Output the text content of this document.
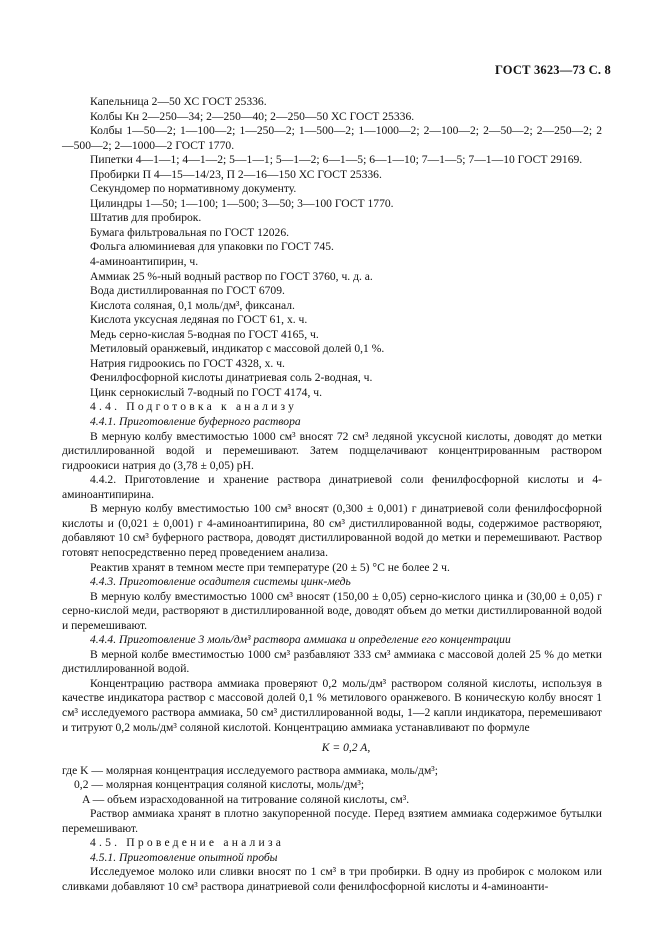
ГОСТ 3623—73 С. 8

Капельница 2—50 ХС ГОСТ 25336.

Колбы Кн 2—250—34; 2—250—40; 2—250—50 ХС ГОСТ 25336.

Колбы 1—50—2; 1—100—2; 1—250—2; 1—500—2; 1—1000—2; 2—100—2; 2—50—2; 2—250—2; 2—500—2; 2—1000—2 ГОСТ 1770.

Пипетки 4—1—1; 4—1—2; 5—1—1; 5—1—2; 6—1—5; 6—1—10; 7—1—5; 7—1—10 ГОСТ 29169.

Пробирки П 4—15—14/23, П 2—16—150 ХС ГОСТ 25336.

Секундомер по нормативному документу.

Цилиндры 1—50; 1—100; 1—500; 3—50; 3—100 ГОСТ 1770.

Штатив для пробирок.

Бумага фильтровальная по ГОСТ 12026.

Фольга алюминиевая для упаковки по ГОСТ 745.

4-аминоантипирин, ч.

Аммиак 25 %-ный водный раствор по ГОСТ 3760, ч. д. а.

Вода дистиллированная по ГОСТ 6709.

Кислота соляная, 0,1 моль/дм³, фиксанал.

Кислота уксусная ледяная по ГОСТ 61, х. ч.

Медь серно-кислая 5-водная по ГОСТ 4165, ч.

Метиловый оранжевый, индикатор с массовой долей 0,1 %.

Натрия гидроокись по ГОСТ 4328, х. ч.

Фенилфосфорной кислоты динатриевая соль 2-водная, ч.

Цинк сернокислый 7-водный по ГОСТ 4174, ч.

4.4. Подготовка к анализу

4.4.1. Приготовление буферного раствора

В мерную колбу вместимостью 1000 см³ вносят 72 см³ ледяной уксусной кислоты, доводят до метки дистиллированной водой и перемешивают. Затем подщелачивают концентрированным раствором гидроокиси натрия до (3,78 ± 0,05) pH.

4.4.2. Приготовление и хранение раствора динатриевой соли фенилфосфорной кислоты и 4-аминоантипирина.

В мерную колбу вместимостью 100 см³ вносят (0,300 ± 0,001) г динатриевой соли фенилфосфорной кислоты и (0,021 ± 0,001) г 4-аминоантипирина, 80 см³ дистиллированной воды, содержимое растворяют, добавляют 10 см³ буферного раствора, доводят дистиллированной водой до метки и перемешивают. Раствор готовят непосредственно перед проведением анализа.

Реактив хранят в темном месте при температуре (20 ± 5) °С не более 2 ч.

4.4.3. Приготовление осадителя системы цинк-медь

В мерную колбу вместимостью 1000 см³ вносят (150,00 ± 0,05) серно-кислого цинка и (30,00 ± 0,05) г серно-кислой меди, растворяют в дистиллированной воде, доводят объем до метки дистиллированной водой и перемешивают.

4.4.4. Приготовление 3 моль/дм³ раствора аммиака и определение его концентрации

В мерной колбе вместимостью 1000 см³ разбавляют 333 см³ аммиака с массовой долей 25 % до метки дистиллированной водой.

Концентрацию раствора аммиака проверяют 0,2 моль/дм³ раствором соляной кислоты, используя в качестве индикатора раствор с массовой долей 0,1 % метилового оранжевого. В коническую колбу вносят 1 см³ исследуемого раствора аммиака, 50 см³ дистиллированной воды, 1—2 капли индикатора, перемешивают и титруют 0,2 моль/дм³ соляной кислотой. Концентрацию аммиака устанавливают по формуле

K = 0,2 A,

где K — молярная концентрация исследуемого раствора аммиака, моль/дм³;

0,2 — молярная концентрация соляной кислоты, моль/дм³;

A — объем израсходованной на титрование соляной кислоты, см³.

Раствор аммиака хранят в плотно закупоренной посуде. Перед взятием аммиака содержимое бутылки перемешивают.

4.5. Проведение анализа

4.5.1. Приготовление опытной пробы

Исследуемое молоко или сливки вносят по 1 см³ в три пробирки. В одну из пробирок с молоком или сливками добавляют 10 см³ раствора динатриевой соли фенилфосфорной кислоты и 4-аминоанти-
